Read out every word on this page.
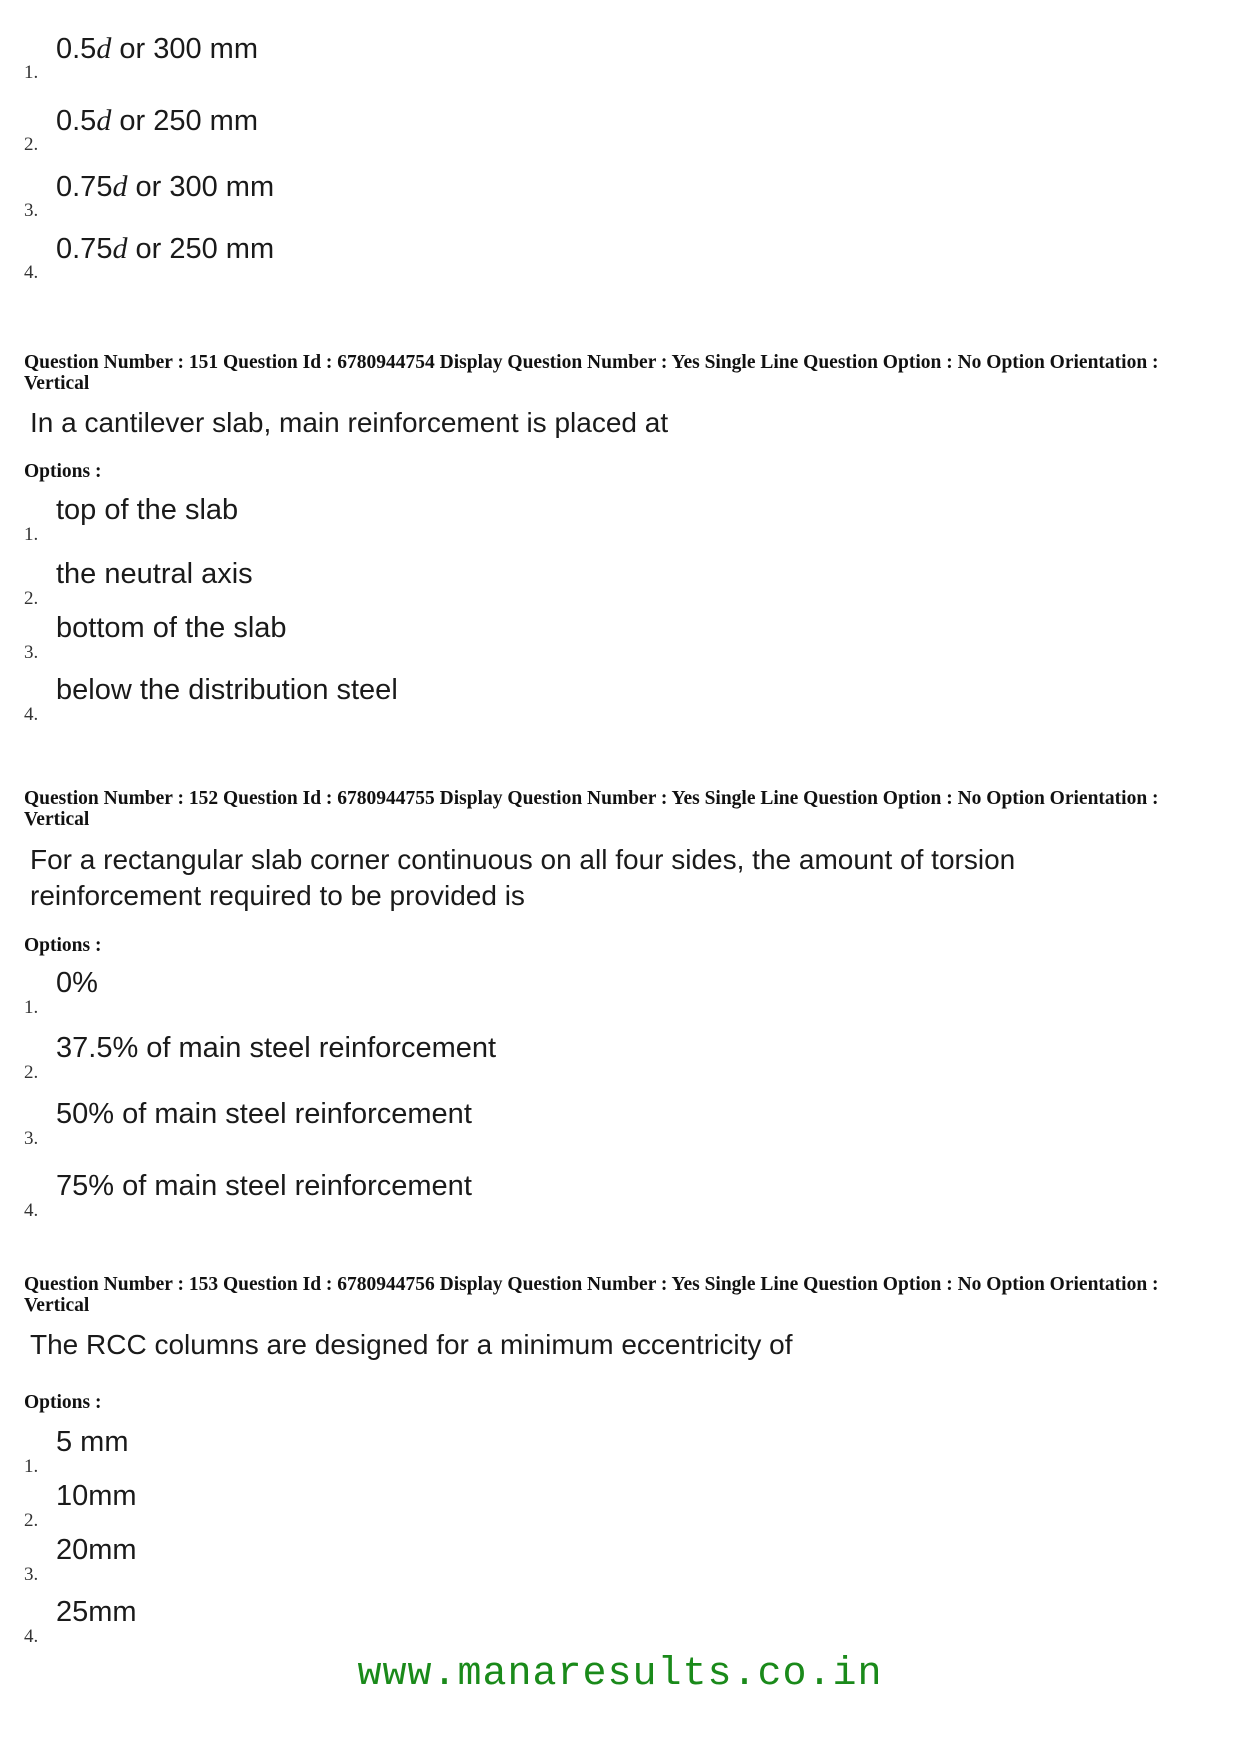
1.
0.5d or 300 mm
2.
0.5d or 250 mm
3.
0.75d or 300 mm
4.
0.75d or 250 mm
Question Number : 151 Question Id : 6780944754 Display Question Number : Yes Single Line Question Option : No Option Orientation : Vertical
In a cantilever slab, main reinforcement is placed at
Options :
1.
top of the slab
2.
the neutral axis
3.
bottom of the slab
4.
below the distribution steel
Question Number : 152 Question Id : 6780944755 Display Question Number : Yes Single Line Question Option : No Option Orientation : Vertical
For a rectangular slab corner continuous on all four sides, the amount of torsion reinforcement required to be provided is
Options :
1.
0%
2.
37.5% of main steel reinforcement
3.
50% of main steel reinforcement
4.
75% of main steel reinforcement
Question Number : 153 Question Id : 6780944756 Display Question Number : Yes Single Line Question Option : No Option Orientation : Vertical
The RCC columns are designed for a minimum eccentricity of
Options :
1.
5 mm
2.
10mm
3.
20mm
4.
25mm
www.manaresults.co.in
